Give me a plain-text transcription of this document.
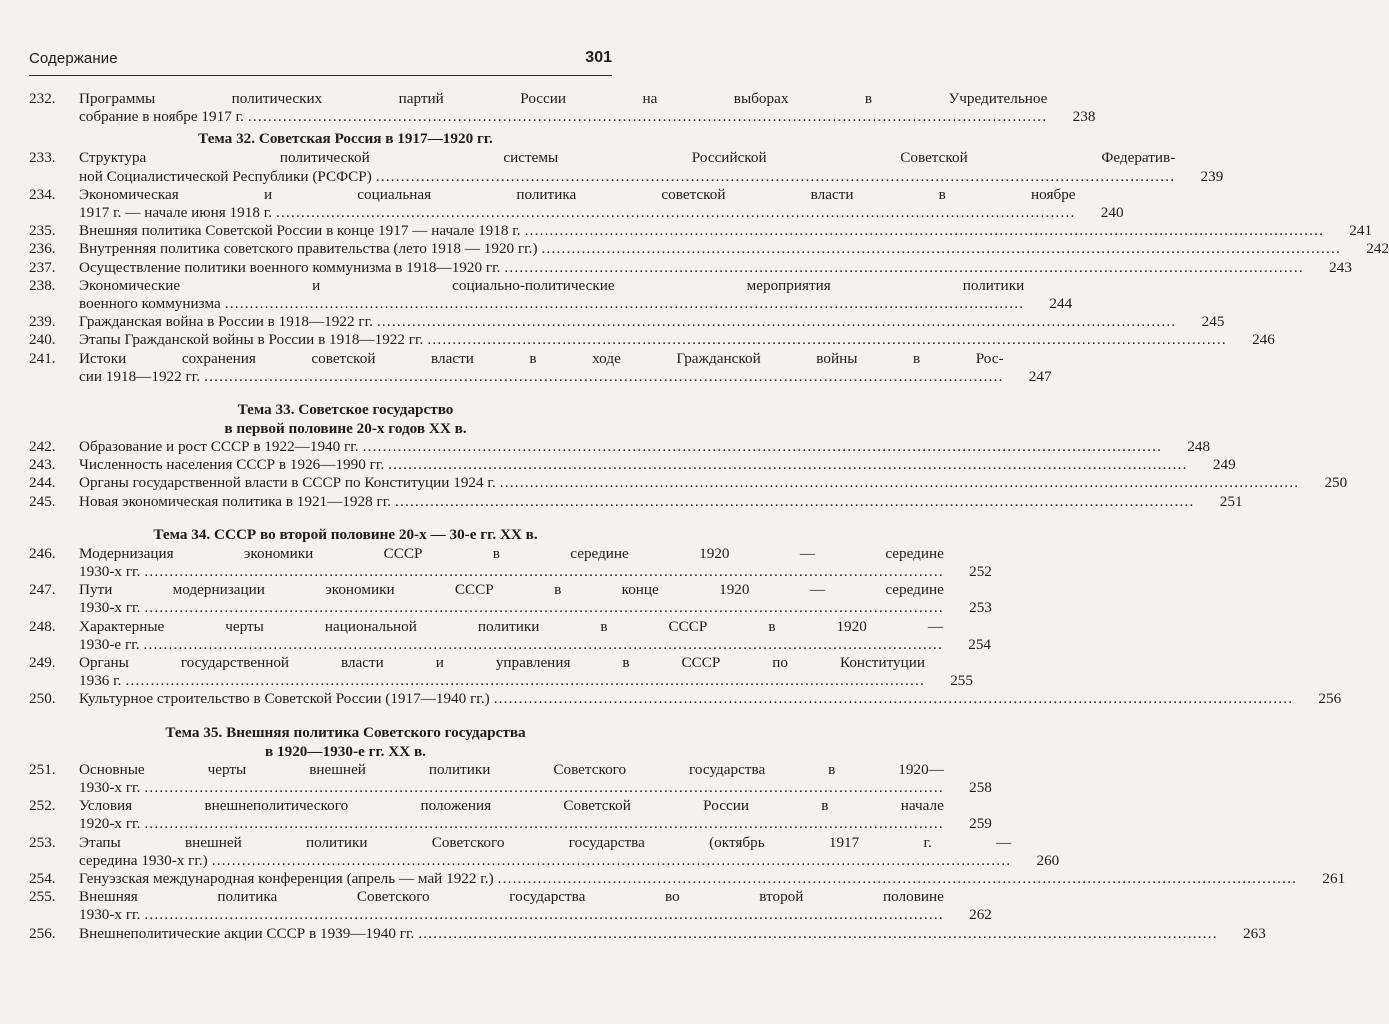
Содержание	301
232.	Программы политических партий России на выборах в Учредительное
собрание в ноябре 1917 г. .....	238
Тема 32. Советская Россия в 1917—1920 гг.
233.	Структура политической системы Российской Советской Федератив-
ной Социалистической Республики (РСФСР) .....	239
234.	Экономическая и социальная политика советской власти в ноябре
1917 г. — начале июня 1918 г. .....	240
235.	Внешняя политика Советской России в конце 1917 — начале 1918 г. .....	241
236.	Внутренняя политика советского правительства (лето 1918 — 1920 гг.) .....	242
237.	Осуществление политики военного коммунизма в 1918—1920 гг. .....	243
238.	Экономические и социально-политические мероприятия политики
военного коммунизма .....	244
239.	Гражданская война в России в 1918—1922 гг. .....	245
240.	Этапы Гражданской войны в России в 1918—1922 гг. .....	246
241.	Истоки сохранения советской власти в ходе Гражданской войны в Рос-
сии 1918—1922 гг. .....	247
Тема 33. Советское государство
в первой половине 20-х годов XX в.
242.	Образование и рост СССР в 1922—1940 гг. .....	248
243.	Численность населения СССР в 1926—1990 гг. .....	249
244.	Органы государственной власти в СССР по Конституции 1924 г. .....	250
245.	Новая экономическая политика в 1921—1928 гг. .....	251
Тема 34. СССР во второй половине 20-х — 30-е гг. XX в.
246.	Модернизация экономики СССР в середине 1920 — середине
1930-х гг. .....	252
247.	Пути модернизации экономики СССР в конце 1920 — середине
1930-х гг. .....	253
248.	Характерные черты национальной политики в СССР в 1920 —
1930-е гг. .....	254
249.	Органы государственной власти и управления в СССР по Конституции
1936 г. .....	255
250.	Культурное строительство в Советской России (1917—1940 гг.) .....	256
Тема 35. Внешняя политика Советского государства
в 1920—1930-е гг. XX в.
251.	Основные черты внешней политики Советского государства в 1920—
1930-х гг. .....	258
252.	Условия внешнеполитического положения Советской России в начале
1920-х гг. .....	259
253.	Этапы внешней политики Советского государства (октябрь 1917 г. —
середина 1930-х гг.) .....	260
254.	Генуэзская международная конференция (апрель — май 1922 г.) .....	261
255.	Внешняя политика Советского государства во второй половине
1930-х гг. .....	262
256.	Внешнеполитические акции СССР в 1939—1940 гг. .....	263
